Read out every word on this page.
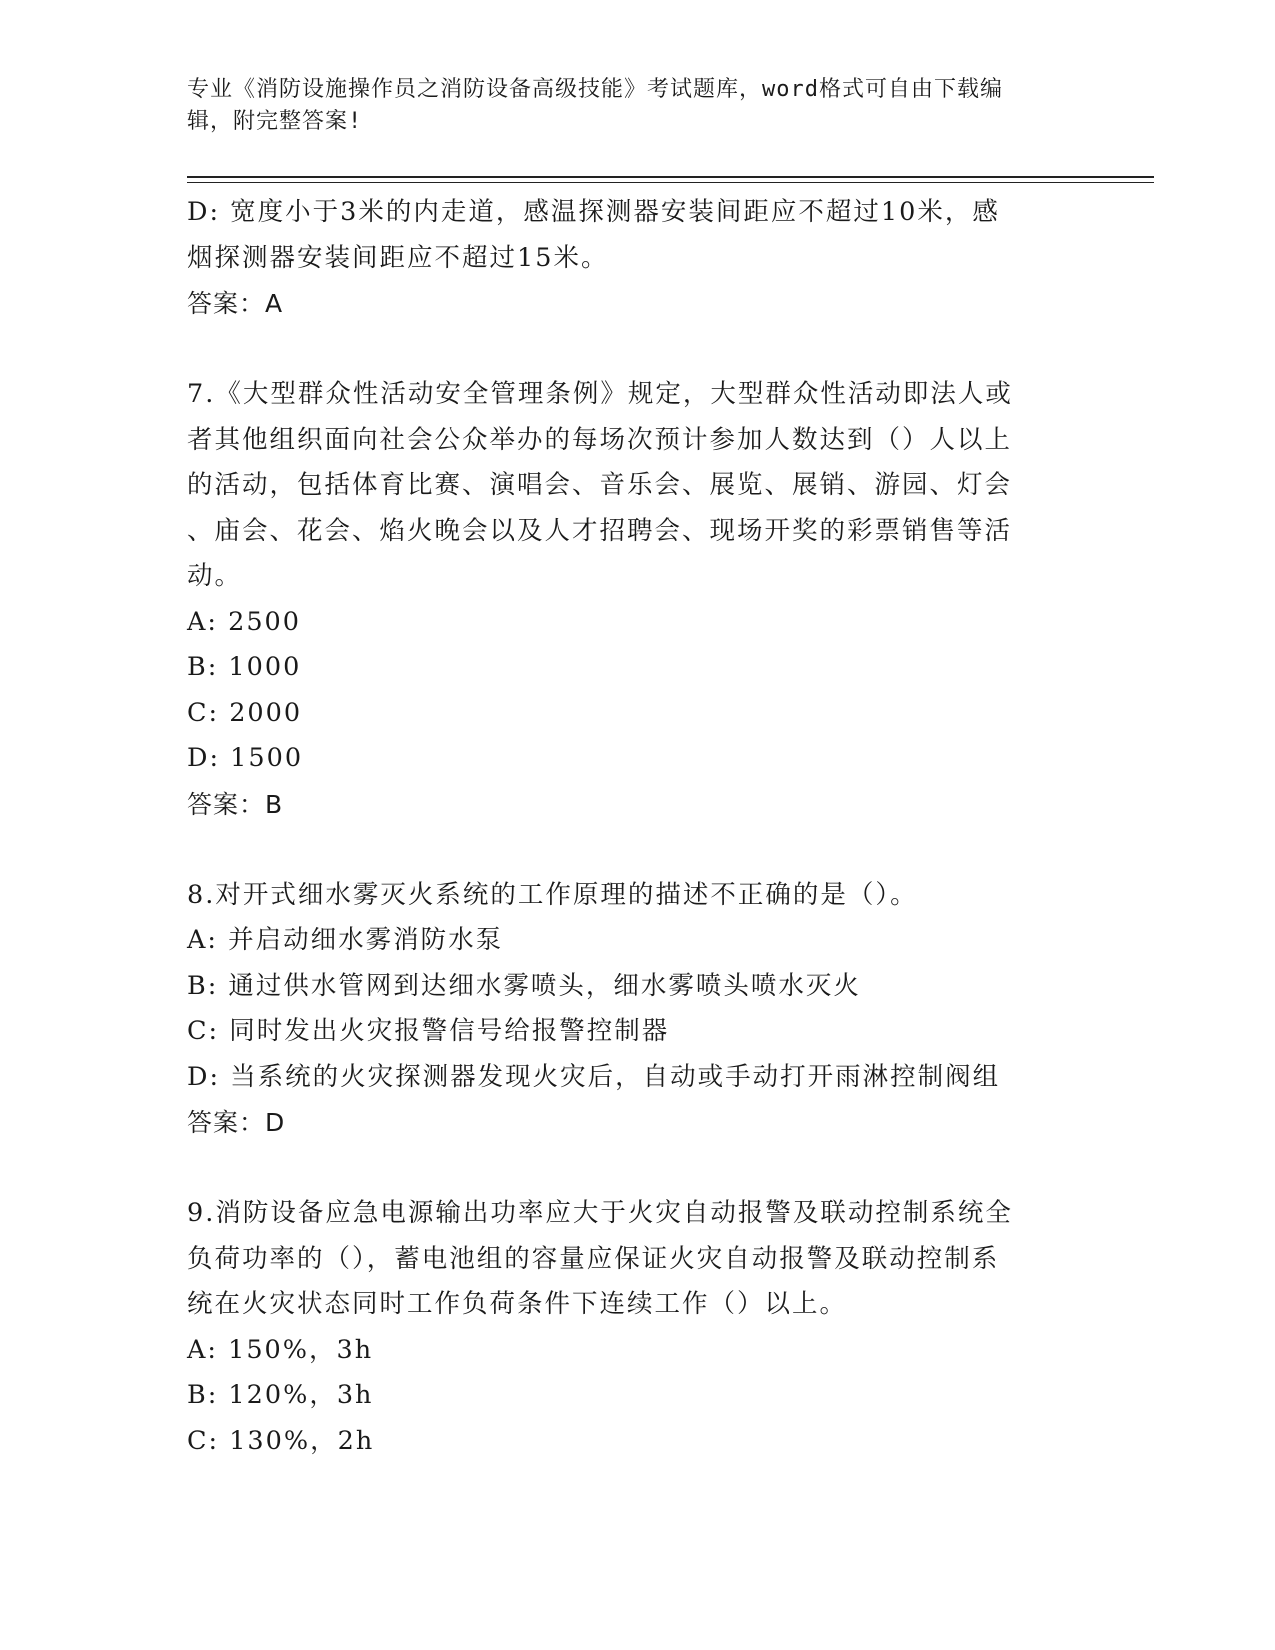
专业《消防设施操作员之消防设备高级技能》考试题库，word格式可自由下载编
辑，附完整答案!

D: 宽度小于3米的内走道，感温探测器安装间距应不超过10米，感

烟探测器安装间距应不超过15米。

答案：A

7.《大型群众性活动安全管理条例》规定，大型群众性活动即法人或

者其他组织面向社会公众举办的每场次预计参加人数达到（）人以上

的活动，包括体育比赛、演唱会、音乐会、展览、展销、游园、灯会

、庙会、花会、焰火晚会以及人才招聘会、现场开奖的彩票销售等活

动。

A: 2500

B: 1000

C: 2000

D: 1500

答案：B

8.对开式细水雾灭火系统的工作原理的描述不正确的是（）。

A: 并启动细水雾消防水泵

B: 通过供水管网到达细水雾喷头，细水雾喷头喷水灭火

C: 同时发出火灾报警信号给报警控制器

D: 当系统的火灾探测器发现火灾后，自动或手动打开雨淋控制阀组

答案：D

9.消防设备应急电源输出功率应大于火灾自动报警及联动控制系统全

负荷功率的（），蓄电池组的容量应保证火灾自动报警及联动控制系

统在火灾状态同时工作负荷条件下连续工作（）以上。

A: 150%，3h

B: 120%，3h

C: 130%，2h
